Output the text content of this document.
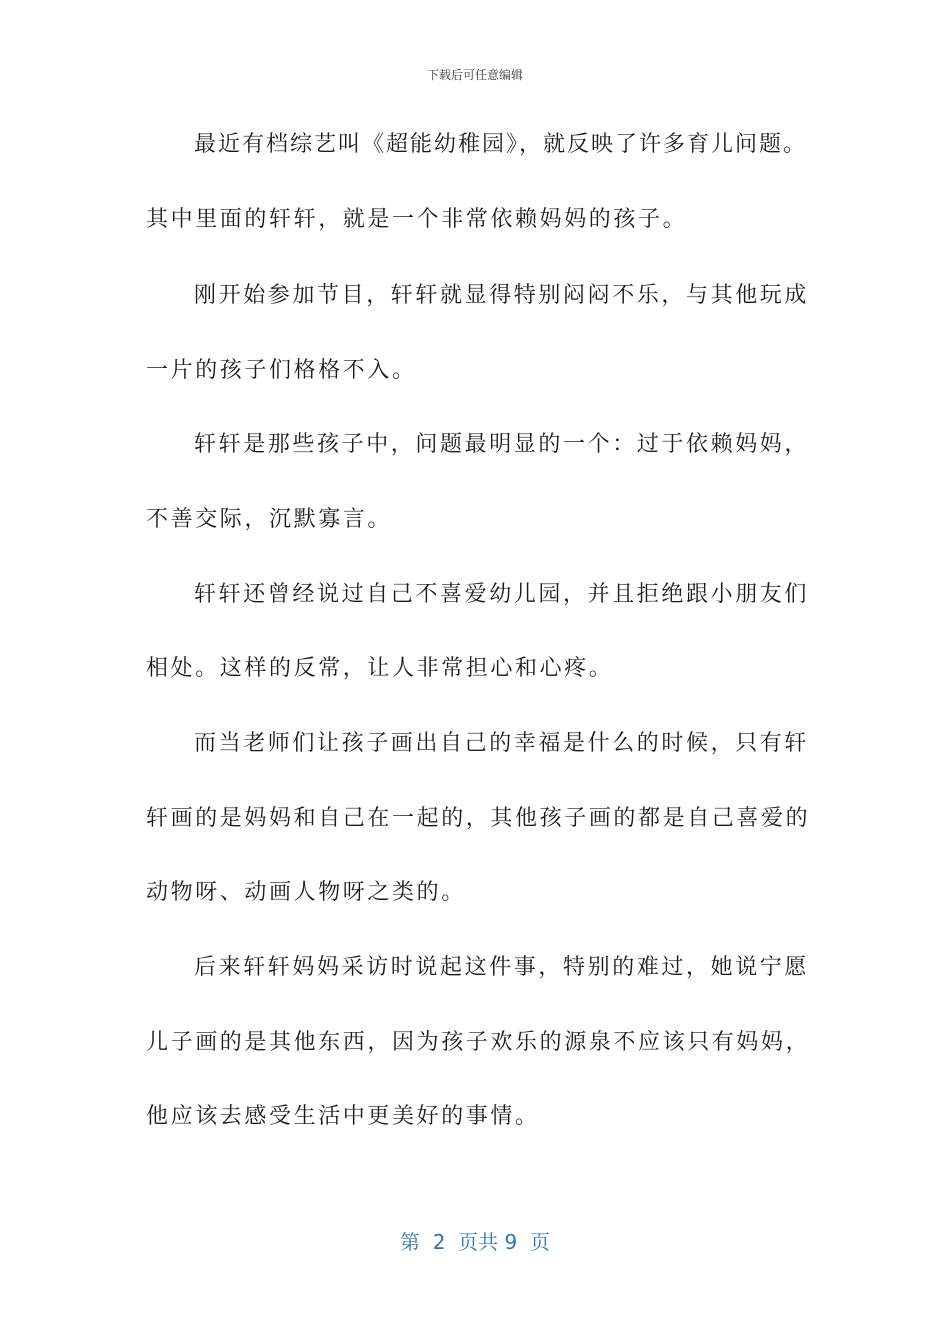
下载后可任意编辑
最近有档综艺叫《超能幼稚园》，就反映了许多育儿问题。
其中里面的轩轩，就是一个非常依赖妈妈的孩子。
刚开始参加节目，轩轩就显得特别闷闷不乐，与其他玩成
一片的孩子们格格不入。
轩轩是那些孩子中，问题最明显的一个：过于依赖妈妈，
不善交际，沉默寡言。
轩轩还曾经说过自己不喜爱幼儿园，并且拒绝跟小朋友们
相处。这样的反常，让人非常担心和心疼。
而当老师们让孩子画出自己的幸福是什么的时候，只有轩
轩画的是妈妈和自己在一起的，其他孩子画的都是自己喜爱的
动物呀、动画人物呀之类的。
后来轩轩妈妈采访时说起这件事，特别的难过，她说宁愿
儿子画的是其他东西，因为孩子欢乐的源泉不应该只有妈妈，
他应该去感受生活中更美好的事情。
第  2  页共 9  页
